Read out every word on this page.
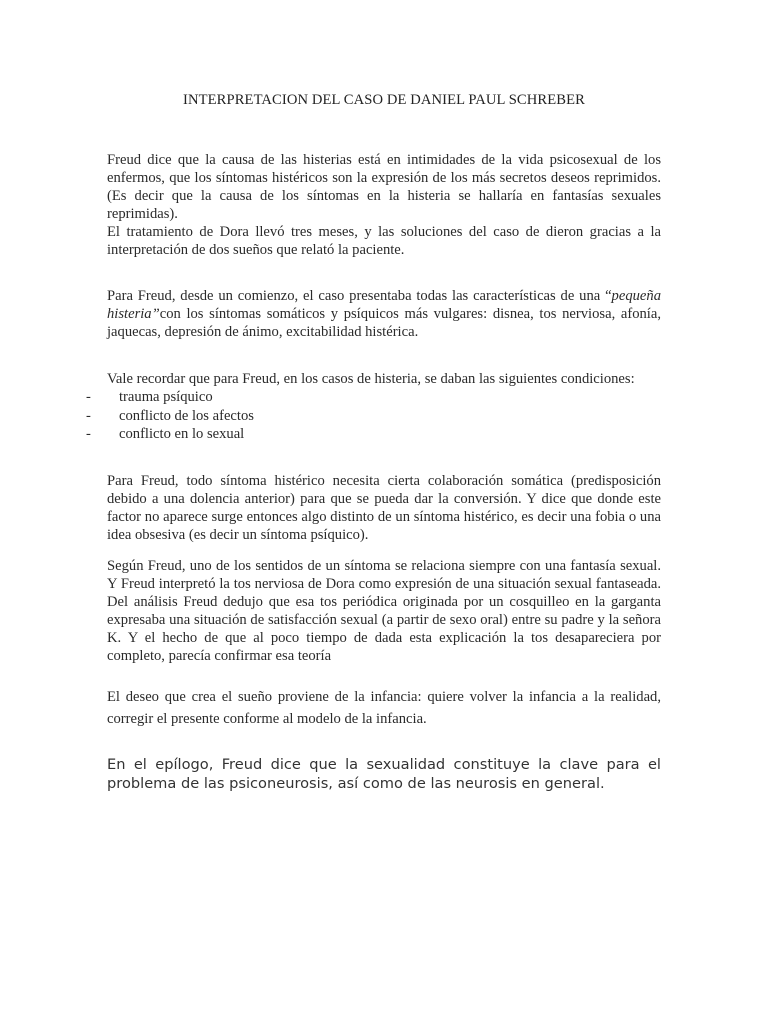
INTERPRETACION DEL CASO DE DANIEL PAUL SCHREBER

Freud dice que la causa de las histerias está en intimidades de la vida psicosexual de los enfermos, que los síntomas histéricos son la expresión de los más secretos deseos reprimidos. (Es decir que la causa de los síntomas en la histeria se hallaría en fantasías sexuales reprimidas).

El tratamiento de Dora llevó tres meses, y las soluciones del caso de dieron gracias a la interpretación de dos sueños que relató la paciente.

Para Freud, desde un comienzo, el caso presentaba todas las características de una “pequeña histeria”con los síntomas somáticos y psíquicos más vulgares: disnea, tos nerviosa, afonía, jaquecas, depresión de ánimo, excitabilidad histérica.

Vale recordar que para Freud, en los casos de histeria, se daban las siguientes condiciones:

- trauma psíquico
- conflicto de los afectos
- conflicto en lo sexual

Para Freud, todo síntoma histérico necesita cierta colaboración somática (predisposición debido a una dolencia anterior) para que se pueda dar la conversión. Y dice que donde este factor no aparece surge entonces algo distinto de un síntoma histérico, es decir una fobia o una idea obsesiva (es decir un síntoma psíquico).

Según Freud, uno de los sentidos de un síntoma se relaciona siempre con una fantasía sexual. Y Freud interpretó la tos nerviosa de Dora como expresión de una situación sexual fantaseada. Del análisis Freud dedujo que esa tos periódica originada por un cosquilleo en la garganta expresaba una situación de satisfacción sexual (a partir de sexo oral) entre su padre y la señora K. Y el hecho de que al poco tiempo de dada esta explicación la tos desapareciera por completo, parecía confirmar esa teoría

El deseo que crea el sueño proviene de la infancia: quiere volver la infancia a la realidad, corregir el presente conforme al modelo de la infancia.

En el epílogo, Freud dice que la sexualidad constituye la clave para el problema de las psiconeurosis, así como de las neurosis en general.
